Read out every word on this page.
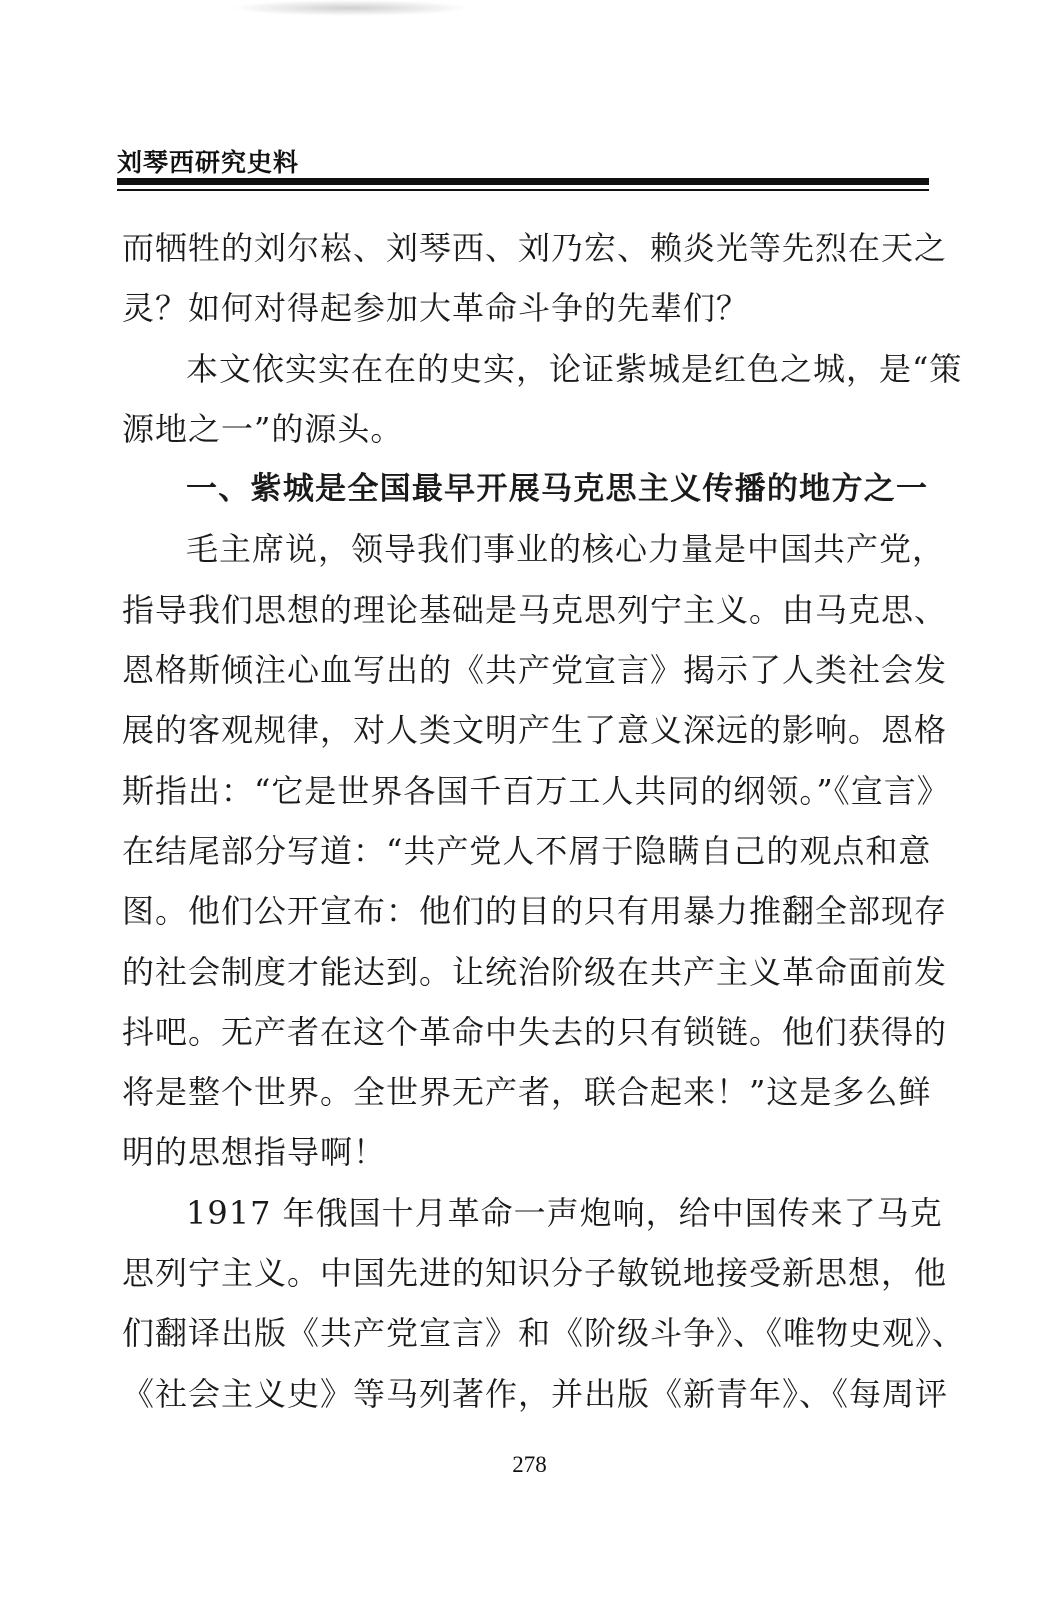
刘琴西研究史料
而牺牲的刘尔崧、刘琴西、刘乃宏、赖炎光等先烈在天之
灵？如何对得起参加大革命斗争的先辈们？
本文依实实在在的史实，论证紫城是红色之城，是“策
源地之一”的源头。
一、紫城是全国最早开展马克思主义传播的地方之一
毛主席说，领导我们事业的核心力量是中国共产党，
指导我们思想的理论基础是马克思列宁主义。由马克思、
恩格斯倾注心血写出的《共产党宣言》揭示了人类社会发
展的客观规律，对人类文明产生了意义深远的影响。恩格
斯指出：“它是世界各国千百万工人共同的纲领。”《宣言》
在结尾部分写道：“共产党人不屑于隐瞒自己的观点和意
图。他们公开宣布：他们的目的只有用暴力推翻全部现存
的社会制度才能达到。让统治阶级在共产主义革命面前发
抖吧。无产者在这个革命中失去的只有锁链。他们获得的
将是整个世界。全世界无产者，联合起来！”这是多么鲜
明的思想指导啊！
1917 年俄国十月革命一声炮响，给中国传来了马克
思列宁主义。中国先进的知识分子敏锐地接受新思想，他
们翻译出版《共产党宣言》和《阶级斗争》、《唯物史观》、
《社会主义史》等马列著作，并出版《新青年》、《每周评
278
